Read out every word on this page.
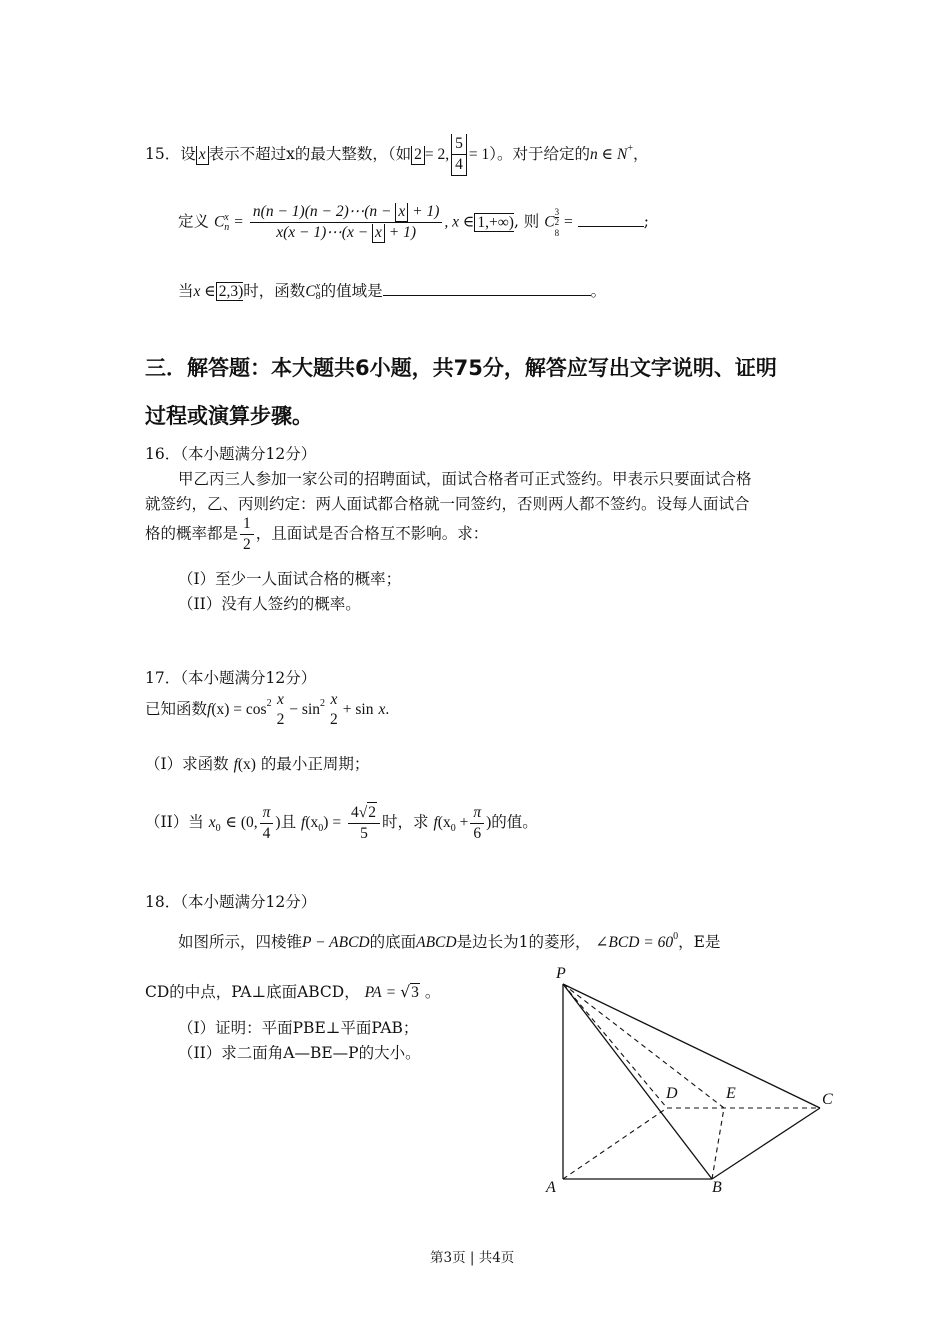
15．设 x 表示不超过x的最大整数，（如 2 = 2, $\frac{5}{4} = 1$）。对于给定的n ∈ N+，
定义 C x
$n = \frac{n(n - 1)(n - 2)\cdots(n - x + 1)}{x(x - 1)\cdots(x - x + 1)}$ , x ∈ 1,+∞), 则 C
3
2
8
=	;
当x ∈ 2,3)时，函数C x
8 的值域是	。
三．解答题：本大题共6小题，共75分，解答应写出文字说明、证明
过程或演算步骤。
16．（本小题满分12分）
甲乙丙三人参加一家公司的招聘面试，面试合格者可正式签约。甲表示只要面试合格
就签约，乙、丙则约定：两人面试都合格就一同签约，否则两人都不签约。设每人面试合
格的概率都是 $\frac{1}{2}$ ，且面试是否合格互不影响。求：
（I）至少一人面试合格的概率；
（II）没有人签约的概率。
17．（本小题满分12分）
已知函数$f(x) = \cos^2 x$
2
− $\sin^2 x$
2
+ sin x.
（I）求函数 f(x) 的最小正周期；
（II）当 $x_0$ ∈ (0, $\frac{\pi}{4}$ )且 $f(x_0) = \frac{4√2}{5}$ 时，求 $f(x_0 + \frac{\pi}{6}$ )的值。
18．（本小题满分12分）
如图所示，四棱锥P − ABCD的底面ABCD是边长为1的菱形， ∠BCD = $60^0$，E是
CD的中点，PA⊥底面ABCD， PA = √3 。
（I）证明：平面PBE⊥平面PAB；
（II）求二面角A—BE—P的大小。
P
A	B
C
D	E
第3页 | 共4页
